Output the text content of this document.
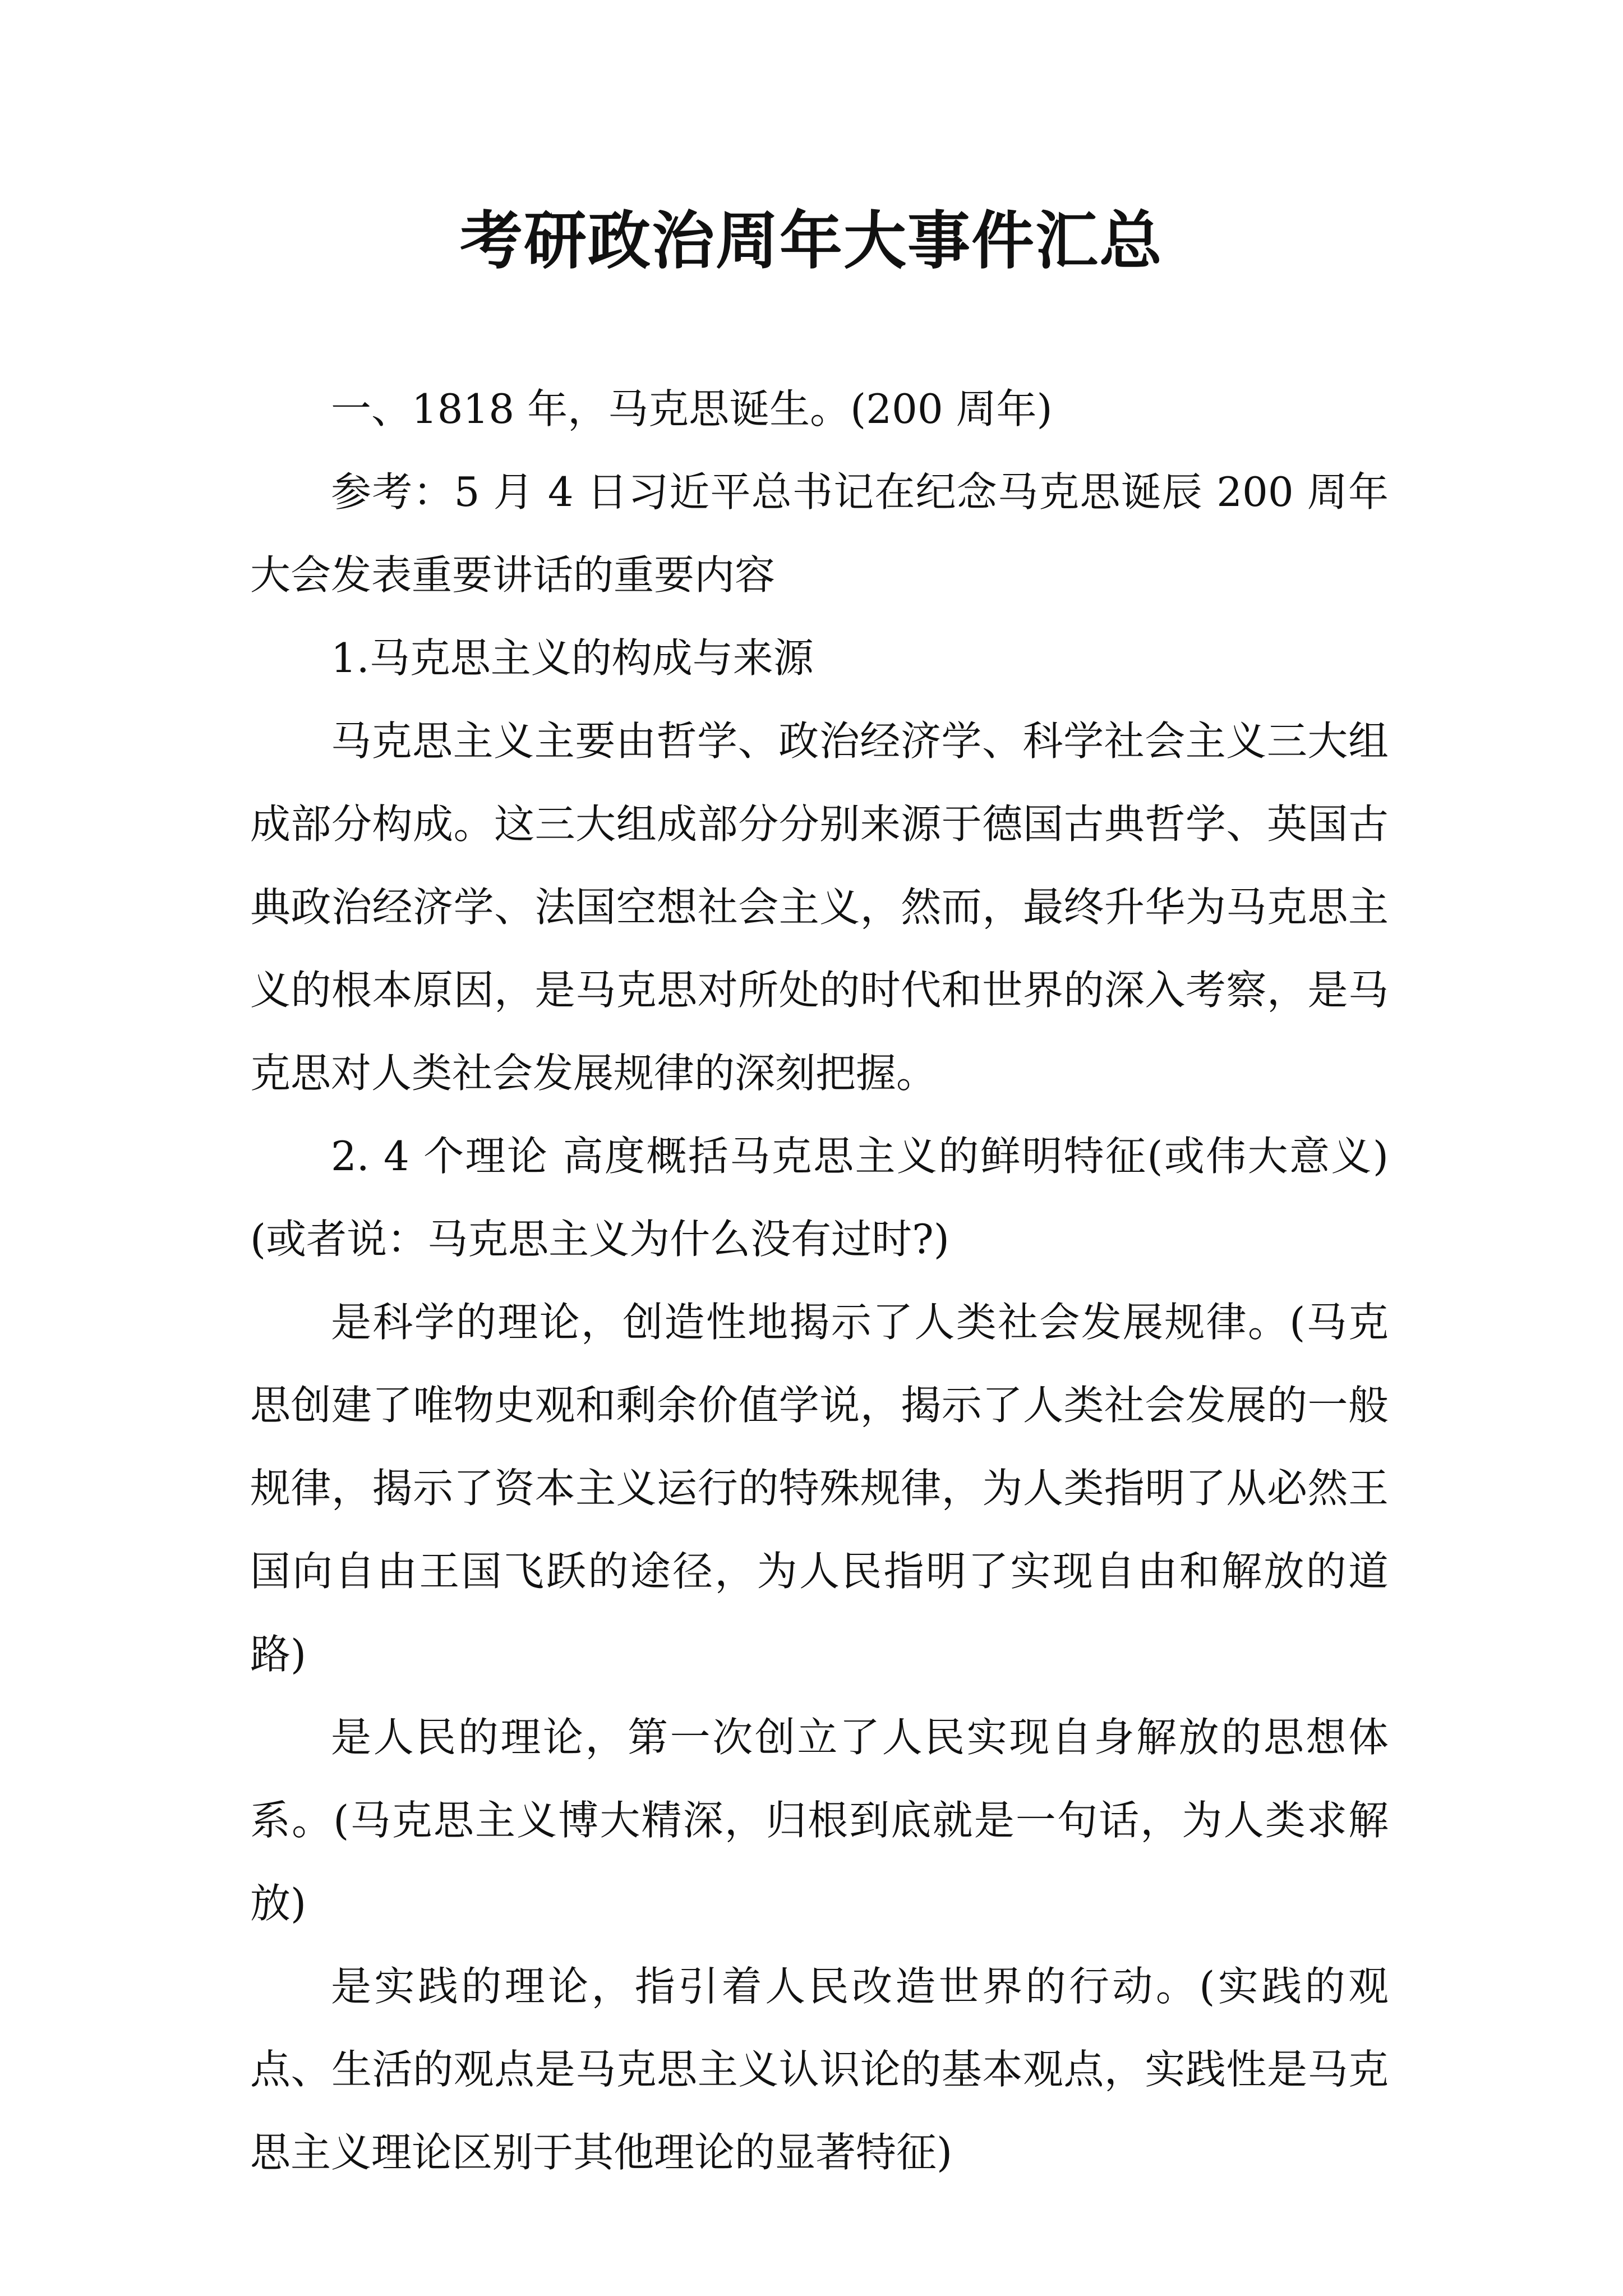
考研政治周年大事件汇总

一、1818 年，马克思诞生。(200 周年)

参考：5 月 4 日习近平总书记在纪念马克思诞辰 200 周年大会发表重要讲话的重要内容

1.马克思主义的构成与来源

马克思主义主要由哲学、政治经济学、科学社会主义三大组成部分构成。这三大组成部分分别来源于德国古典哲学、英国古典政治经济学、法国空想社会主义，然而，最终升华为马克思主义的根本原因，是马克思对所处的时代和世界的深入考察，是马克思对人类社会发展规律的深刻把握。

2. 4 个理论 高度概括马克思主义的鲜明特征(或伟大意义)(或者说：马克思主义为什么没有过时?)

是科学的理论，创造性地揭示了人类社会发展规律。(马克思创建了唯物史观和剩余价值学说，揭示了人类社会发展的一般规律，揭示了资本主义运行的特殊规律，为人类指明了从必然王国向自由王国飞跃的途径，为人民指明了实现自由和解放的道路)

是人民的理论，第一次创立了人民实现自身解放的思想体系。(马克思主义博大精深，归根到底就是一句话，为人类求解放)

是实践的理论，指引着人民改造世界的行动。(实践的观点、生活的观点是马克思主义认识论的基本观点，实践性是马克思主义理论区别于其他理论的显著特征)
